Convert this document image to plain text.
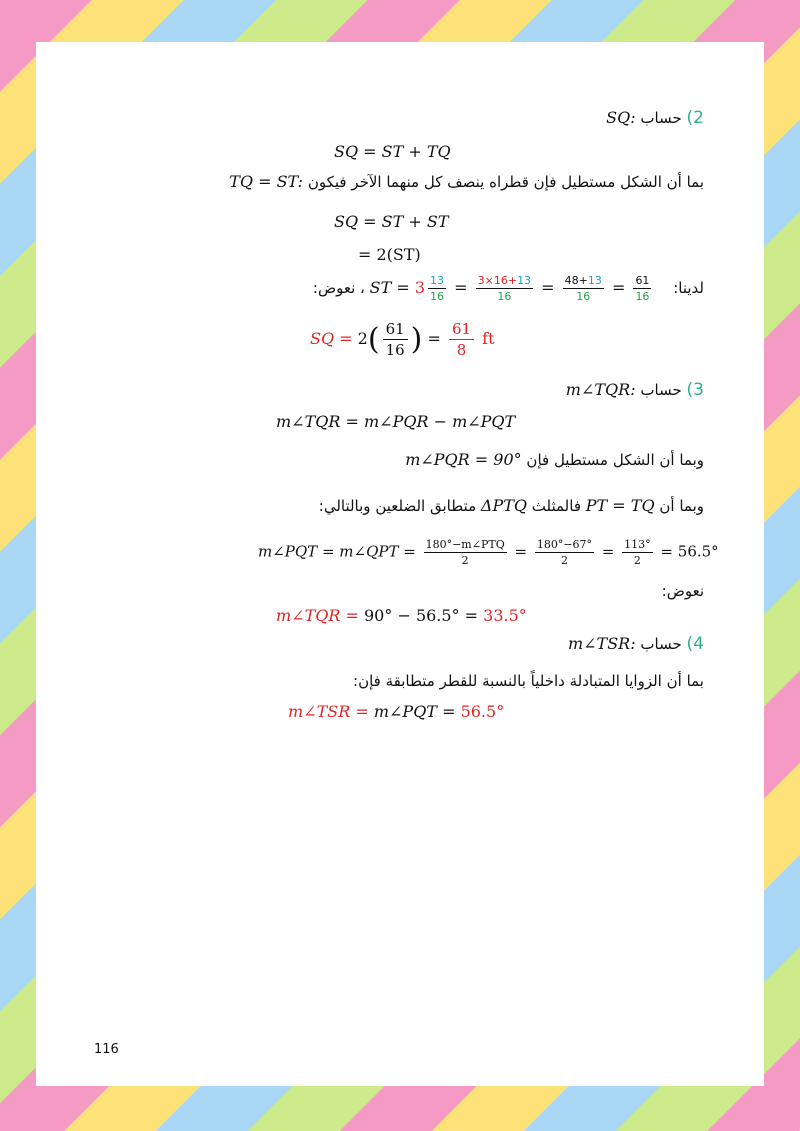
2) حساب SQ:
SQ = ST + TQ
بما أن الشكل مستطيل فإن قطراه ينصف كل منهما الآخر فيكون TQ = ST:
SQ = ST + ST
= 2(ST)
لدينا: ST = $3 \frac{13}{16} = \frac{3\times 16+13}{16} = \frac{48+13}{16} = \frac{61}{16}$
، نعوض:
SQ = $2( \frac{61}{16}$ ) = $\frac{61}{8}$ ft
3) حساب m∠TQR:
m∠TQR = m∠PQR − m∠PQT
وبما أن الشكل مستطيل فإن m∠PQR = 90°
وبما أن PT = TQ فالمثلث ΔPTQ متطابق الضلعين وبالتالي:
m∠PQT = m∠QPT = $\frac{\text{180°−m∠PTQ}}{2} = \frac{180^\circ-67^\circ}{2} = \frac{113^\circ}{2} = 56.5^\circ$
نعوض:
m∠TQR = 90° − 56.5° = 33.5°
4) حساب m∠TSR:
بما أن الزوايا المتبادلة داخلياً بالنسبة للقطر متطابقة فإن:
m∠TSR = m∠PQT = 56.5°
116
